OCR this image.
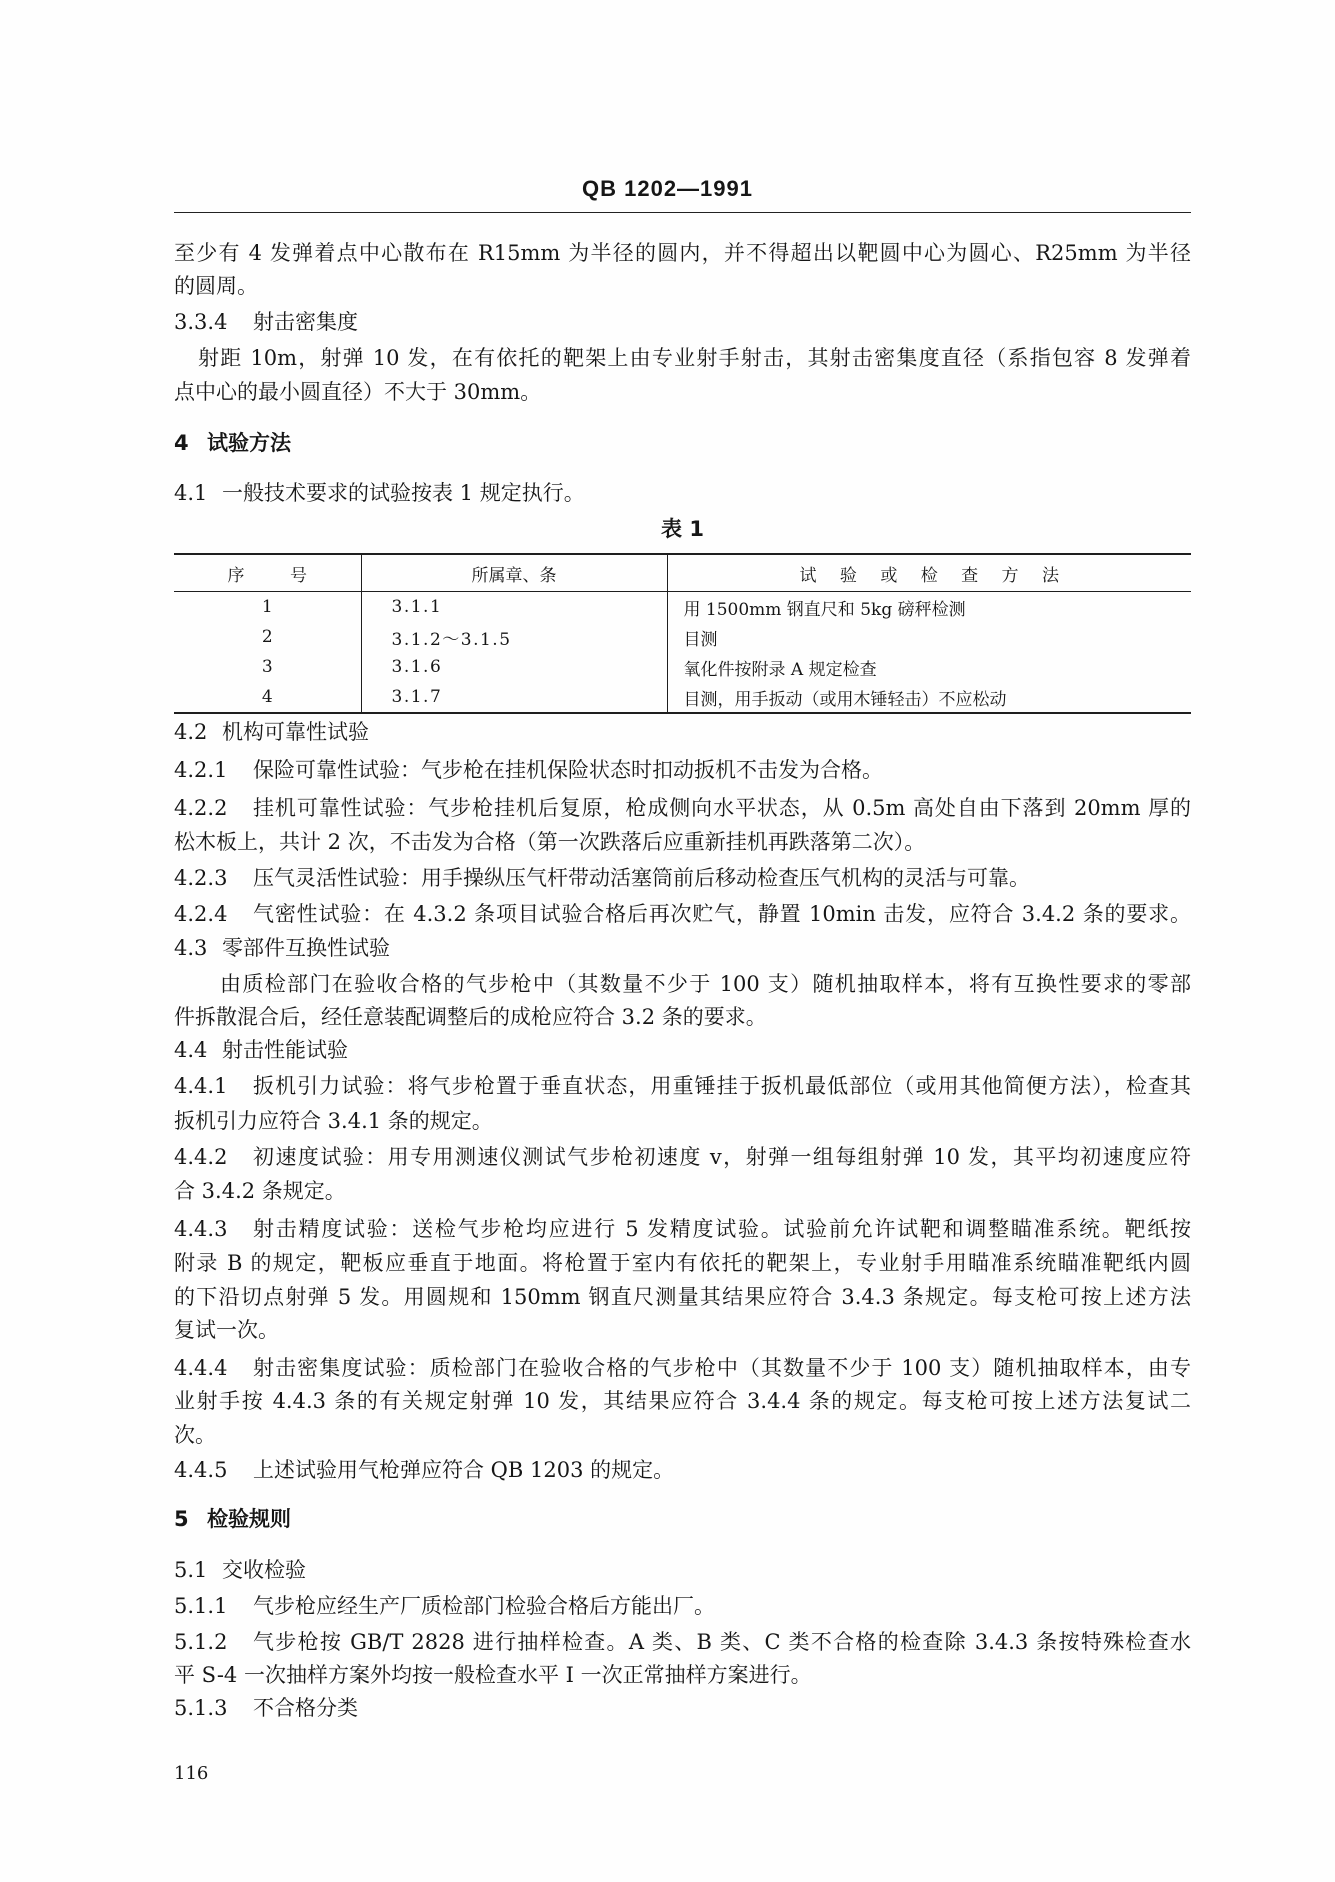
QB 1202—1991
至少有 4 发弹着点中心散布在 R15mm 为半径的圆内，并不得超出以靶圆中心为圆心、R25mm 为半径
的圆周。
3.3.4 射击密集度
射距 10m，射弹 10 发，在有依托的靶架上由专业射手射击，其射击密集度直径（系指包容 8 发弹着
点中心的最小圆直径）不大于 30mm。
4 试验方法
4.1 一般技术要求的试验按表 1 规定执行。
表 1
序 号	所属章、条	试 验 或 检 查 方 法
1	3.1.1	用 1500mm 钢直尺和 5kg 磅秤检测
2	3.1.2～3.1.5	目测
3	3.1.6	氧化件按附录 A 规定检查
4	3.1.7	目测，用手扳动（或用木锤轻击）不应松动
4.2 机构可靠性试验
4.2.1 保险可靠性试验：气步枪在挂机保险状态时扣动扳机不击发为合格。
4.2.2 挂机可靠性试验：气步枪挂机后复原，枪成侧向水平状态，从 0.5m 高处自由下落到 20mm 厚的
松木板上，共计 2 次，不击发为合格（第一次跌落后应重新挂机再跌落第二次）。
4.2.3 压气灵活性试验：用手操纵压气杆带动活塞筒前后移动检查压气机构的灵活与可靠。
4.2.4 气密性试验：在 4.3.2 条项目试验合格后再次贮气，静置 10min 击发，应符合 3.4.2 条的要求。
4.3 零部件互换性试验
由质检部门在验收合格的气步枪中（其数量不少于 100 支）随机抽取样本，将有互换性要求的零部
件拆散混合后，经任意装配调整后的成枪应符合 3.2 条的要求。
4.4 射击性能试验
4.4.1 扳机引力试验：将气步枪置于垂直状态，用重锤挂于扳机最低部位（或用其他简便方法），检查其
扳机引力应符合 3.4.1 条的规定。
4.4.2 初速度试验：用专用测速仪测试气步枪初速度 v，射弹一组每组射弹 10 发，其平均初速度应符
合 3.4.2 条规定。
4.4.3 射击精度试验：送检气步枪均应进行 5 发精度试验。试验前允许试靶和调整瞄准系统。靶纸按
附录 B 的规定，靶板应垂直于地面。将枪置于室内有依托的靶架上，专业射手用瞄准系统瞄准靶纸内圆
的下沿切点射弹 5 发。用圆规和 150mm 钢直尺测量其结果应符合 3.4.3 条规定。每支枪可按上述方法
复试一次。
4.4.4 射击密集度试验：质检部门在验收合格的气步枪中（其数量不少于 100 支）随机抽取样本，由专
业射手按 4.4.3 条的有关规定射弹 10 发，其结果应符合 3.4.4 条的规定。每支枪可按上述方法复试二
次。
4.4.5 上述试验用气枪弹应符合 QB 1203 的规定。
5 检验规则
5.1 交收检验
5.1.1 气步枪应经生产厂质检部门检验合格后方能出厂。
5.1.2 气步枪按 GB/T 2828 进行抽样检查。A 类、B 类、C 类不合格的检查除 3.4.3 条按特殊检查水
平 S-4 一次抽样方案外均按一般检查水平 I 一次正常抽样方案进行。
5.1.3 不合格分类
116
